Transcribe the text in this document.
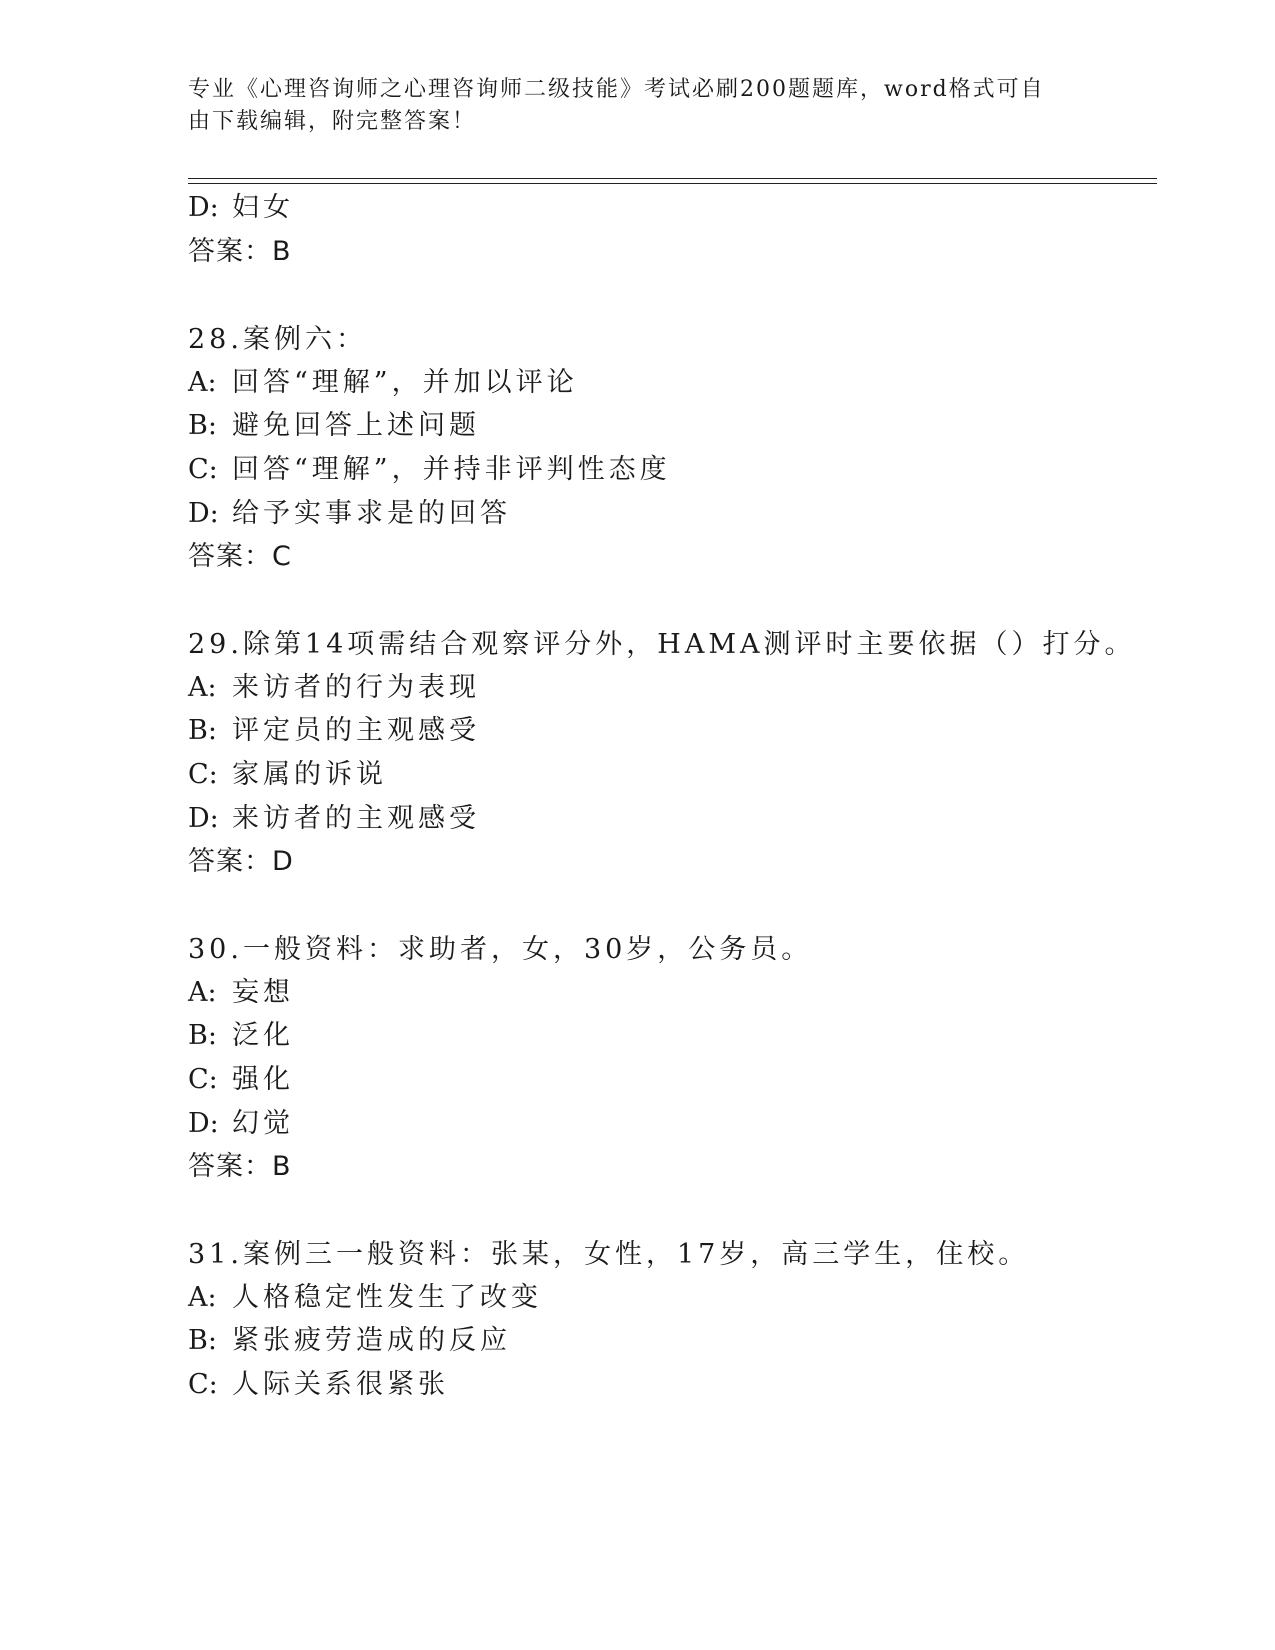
专业《心理咨询师之心理咨询师二级技能》考试必刷200题题库，word格式可自
由下载编辑，附完整答案！
D: 妇女
答案：B
28.案例六：
A: 回答“理解”，并加以评论
B: 避免回答上述问题
C: 回答“理解”，并持非评判性态度
D: 给予实事求是的回答
答案：C
29.除第14项需结合观察评分外，HAMA测评时主要依据（）打分。
A: 来访者的行为表现
B: 评定员的主观感受
C: 家属的诉说
D: 来访者的主观感受
答案：D
30.一般资料：求助者，女，30岁，公务员。
A: 妄想
B: 泛化
C: 强化
D: 幻觉
答案：B
31.案例三一般资料：张某，女性，17岁，高三学生，住校。
A: 人格稳定性发生了改变
B: 紧张疲劳造成的反应
C: 人际关系很紧张
